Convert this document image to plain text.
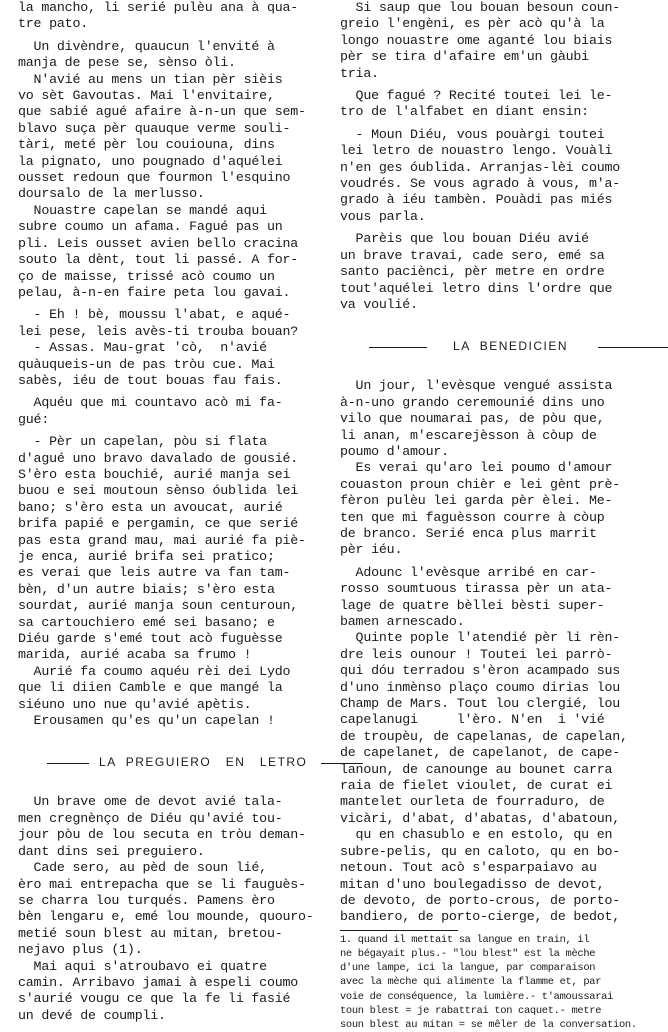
la mancho, li serié pulèu ana à qua-
tre pato.
Un divèndre, quaucun l'envité à
manja de pese se, sènso òli.
N'avié au mens un tian pèr sièis
vo sèt Gavoutas. Mai l'envitaire,
que sabié agué afaire à-n-un que sem-
blavo suça pèr quauque verme souli-
tàri, meté pèr lou couiouna, dins
la pignato, uno pougnado d'aquélei
ousset redoun que fourmon l'esquino
doursalo de la merlusso.
Nouastre capelan se mandé aqui
subre coumo un afama. Fagué pas un
pli. Leis ousset avien bello cracina
souto la dènt, tout li passé. A for-
ço de maisse, trissé acò coumo un
pelau, à-n-en faire peta lou gavai.
- Eh ! bè, moussu l'abat, e aqué-
lei pese, leis avès-ti trouba bouan?
- Assas. Mau-grat 'cò,  n'avié
quàuqueis-un de pas tròu cue. Mai
sabès, iéu de tout bouas fau fais.
Aquéu que mi countavo acò mi fa-
gué:
- Pèr un capelan, pòu si flata
d'agué uno bravo davalado de gousié.
S'èro esta bouchié, aurié manja sei
buou e sei moutoun sènso óublida lei
bano; s'èro esta un avoucat, aurié
brifa papié e pergamin, ce que serié
pas esta grand mau, mai aurié fa piè-
je enca, aurié brifa sei pratico;
es verai que leis autre va fan tam-
bèn, d'un autre biais; s'èro esta
sourdat, aurié manja soun centuroun,
sa cartouchiero emé sei basano; e
Diéu garde s'emé tout acò fuguèsse
marida, aurié acaba sa frumo !
Aurié fa coumo aquéu rèi dei Lydo
que li diien Camble e que mangé la
siéuno uno nue qu'avié apètis.
Erousamen qu'es qu'un capelan !

LA  PREGUIERO   EN   LETRO

Un brave ome de devot avié tala-
men cregnènço de Diéu qu'avié tou-
jour pòu de lou secuta en tròu deman-
dant dins sei preguiero.
Cade sero, au pèd de soun lié,
èro mai entrepacha que se li fauguès-
se charra lou turqués. Pamens èro
bèn lengaru e, emé lou mounde, quouro-
metié soun blest au mitan, bretou-
nejavo plus (1).
Mai aqui s'atroubavo ei quatre
camin. Arribavo jamai à espeli coumo
s'aurié vougu ce que la fe li fasié
un devé de coumpli.
Si saup que lou bouan besoun coun-
greio l'engèni, es pèr acò qu'à la
longo nouastre ome aganté lou biais
pèr se tira d'afaire em'un gàubi
tria.
Que fagué ? Recité toutei lei le-
tro de l'alfabet en diant ensin:
- Moun Diéu, vous pouàrgi toutei
lei letro de nouastro lengo. Vouàli
n'en ges óublida. Arranjas-lèi coumo
voudrés. Se vous agrado à vous, m'a-
grado à iéu tambèn. Pouàdi pas miés
vous parla.
Parèis que lou bouan Diéu avié
un brave travai, cade sero, emé sa
santo paciènci, pèr metre en ordre
tout'aquélei letro dins l'ordre que
va voulié.

LA  BENEDICIEN

Un jour, l'evèsque vengué assista
à-n-uno grando ceremounié dins uno
vilo que noumarai pas, de pòu que,
li anan, m'escarejèsson à còup de
poumo d'amour.
Es verai qu'aro lei poumo d'amour
couaston proun chièr e lei gènt prè-
fèron pulèu lei garda pèr èlei. Me-
ten que mi faguèsson courre à còup
de branco. Serié enca plus marrit
pèr iéu.
Adounc l'evèsque arribé en car-
rosso soumtuous tirassa pèr un ata-
lage de quatre bèllei bèsti super-
bamen arnescado.
Quinte pople l'atendié pèr li rèn-
dre leis ounour ! Toutei lei parrò-
qui dóu terradou s'èron acampado sus
d'uno inmènso plaço coumo dirias lou
Champ de Mars. Tout lou clergié, lou
capelanugi     l'èro. N'en  i 'vié
de troupèu, de capelanas, de capelan,
de capelanet, de capelanot, de cape-
lanoun, de canounge au bounet carra
raia de fielet vioulet, de curat ei
mantelet ourleta de fourraduro, de
vicàri, d'abat, d'abatas, d'abatoun,
qu en chasublo e en estolo, qu en
subre-pelis, qu en caloto, qu en bo-
netoun. Tout acò s'esparpaiavo au
mitan d'uno boulegadisso de devot,
de devoto, de porto-crous, de porto-
bandiero, de porto-cierge, de bedot,
1. quand il mettait sa langue en train, il
ne bégayait plus.- "lou blest" est la mèche
d'une lampe, ici la langue, par comparaison
avec la mèche qui alimente la flamme et, par
voie de conséquence, la lumière.- t'amoussarai
toun blest = je rabattrai ton caquet.- metre
soun blest au mitan = se mêler de la conversation.
